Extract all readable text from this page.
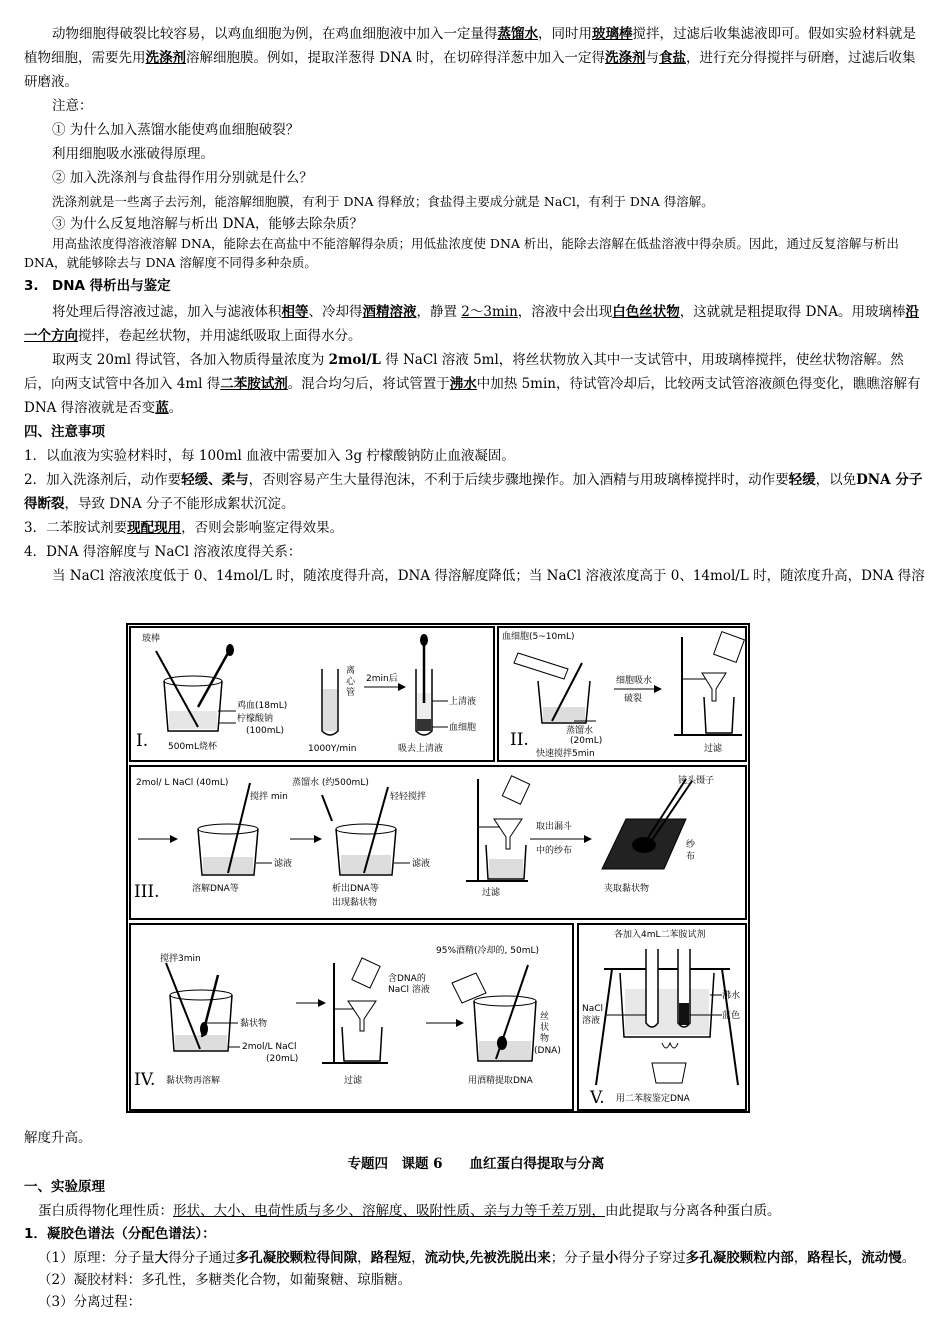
动物细胞得破裂比较容易，以鸡血细胞为例，在鸡血细胞液中加入一定量得蒸馏水，同时用玻璃棒搅拌，过滤后收集滤液即可。假如实验材料就是植物细胞，需要先用洗涤剂溶解细胞膜。例如，提取洋葱得 DNA 时，在切碎得洋葱中加入一定得洗涤剂与食盐，进行充分得搅拌与研磨，过滤后收集研磨液。

注意：

① 为什么加入蒸馏水能使鸡血细胞破裂？

利用细胞吸水涨破得原理。

② 加入洗涤剂与食盐得作用分别就是什么？

洗涤剂就是一些离子去污剂，能溶解细胞膜，有利于 DNA 得释放；食盐得主要成分就是 NaCl，有利于 DNA 得溶解。

③ 为什么反复地溶解与析出 DNA，能够去除杂质？

用高盐浓度得溶液溶解 DNA，能除去在高盐中不能溶解得杂质；用低盐浓度使 DNA 析出，能除去溶解在低盐溶液中得杂质。因此，通过反复溶解与析出 DNA，就能够除去与 DNA 溶解度不同得多种杂质。

3.　DNA 得析出与鉴定

将处理后得溶液过滤，加入与滤液体积相等、冷却得酒精溶液，静置 2～3min，溶液中会出现白色丝状物，这就就是粗提取得 DNA。用玻璃棒沿一个方向搅拌，卷起丝状物，并用滤纸吸取上面得水分。

取两支 20ml 得试管，各加入物质得量浓度为 2mol/L 得 NaCl 溶液 5ml，将丝状物放入其中一支试管中，用玻璃棒搅拌，使丝状物溶解。然后，向两支试管中各加入 4ml 得二苯胺试剂。混合均匀后，将试管置于沸水中加热 5min，待试管冷却后，比较两支试管溶液颜色得变化，瞧瞧溶解有 DNA 得溶液就是否变蓝。

四、注意事项

1．以血液为实验材料时，每 100ml 血液中需要加入 3g 柠檬酸钠防止血液凝固。

2．加入洗涤剂后，动作要轻缓、柔与，否则容易产生大量得泡沫，不利于后续步骤地操作。加入酒精与用玻璃棒搅拌时，动作要轻缓，以免DNA 分子得断裂，导致 DNA 分子不能形成絮状沉淀。

3．二苯胺试剂要现配现用，否则会影响鉴定得效果。

4．DNA 得溶解度与 NaCl 溶液浓度得关系：

当 NaCl 溶液浓度低于 0、14mol/L 时，随浓度得升高，DNA 得溶解度降低；当 NaCl 溶液浓度高于 0、14mol/L 时，随浓度升高，DNA 得溶

I.
玻棒
鸡血(18mL)
柠檬酸钠
(100mL)
500mL烧杯
离
心
管
1000Y/min
2min后
上清液
血细胞
吸去上清液
血细胞(5~10mL)
蒸馏水
(20mL)
快速搅拌5min
II.
细胞吸水
破裂
过滤
2mol/ L NaCl (40mL)
搅拌 min
滤液
溶解DNA等
III.
蒸馏水 (约500mL)
轻轻搅拌
滤液
析出DNA等
出现黏状物
过滤
取出漏斗
中的纱布
钝头镊子
纱
布
夹取黏状物
搅拌3min
黏状物
2mol/L NaCl
(20mL)
IV. 黏状物再溶解
含DNA的
NaCl 溶液
过滤
95%酒精(冷却的, 50mL)
丝
状
物
(DNA)
用酒精提取DNA
各加入4mL二苯胺试剂
NaCl
溶液
沸水
蓝色
V. 用二苯胺鉴定DNA

解度升高。

专题四　课题 6　　血红蛋白得提取与分离

一、实验原理

蛋白质得物化理性质：形状、大小、电荷性质与多少、溶解度、吸附性质、亲与力等千差万别，由此提取与分离各种蛋白质。

1．凝胶色谱法（分配色谱法）：

（1）原理：分子量大得分子通过多孔凝胶颗粒得间隙，路程短，流动快,先被洗脱出来；分子量小得分子穿过多孔凝胶颗粒内部，路程长，流动慢。

（2）凝胶材料：多孔性，多糖类化合物，如葡聚糖、琼脂糖。

（3）分离过程：
